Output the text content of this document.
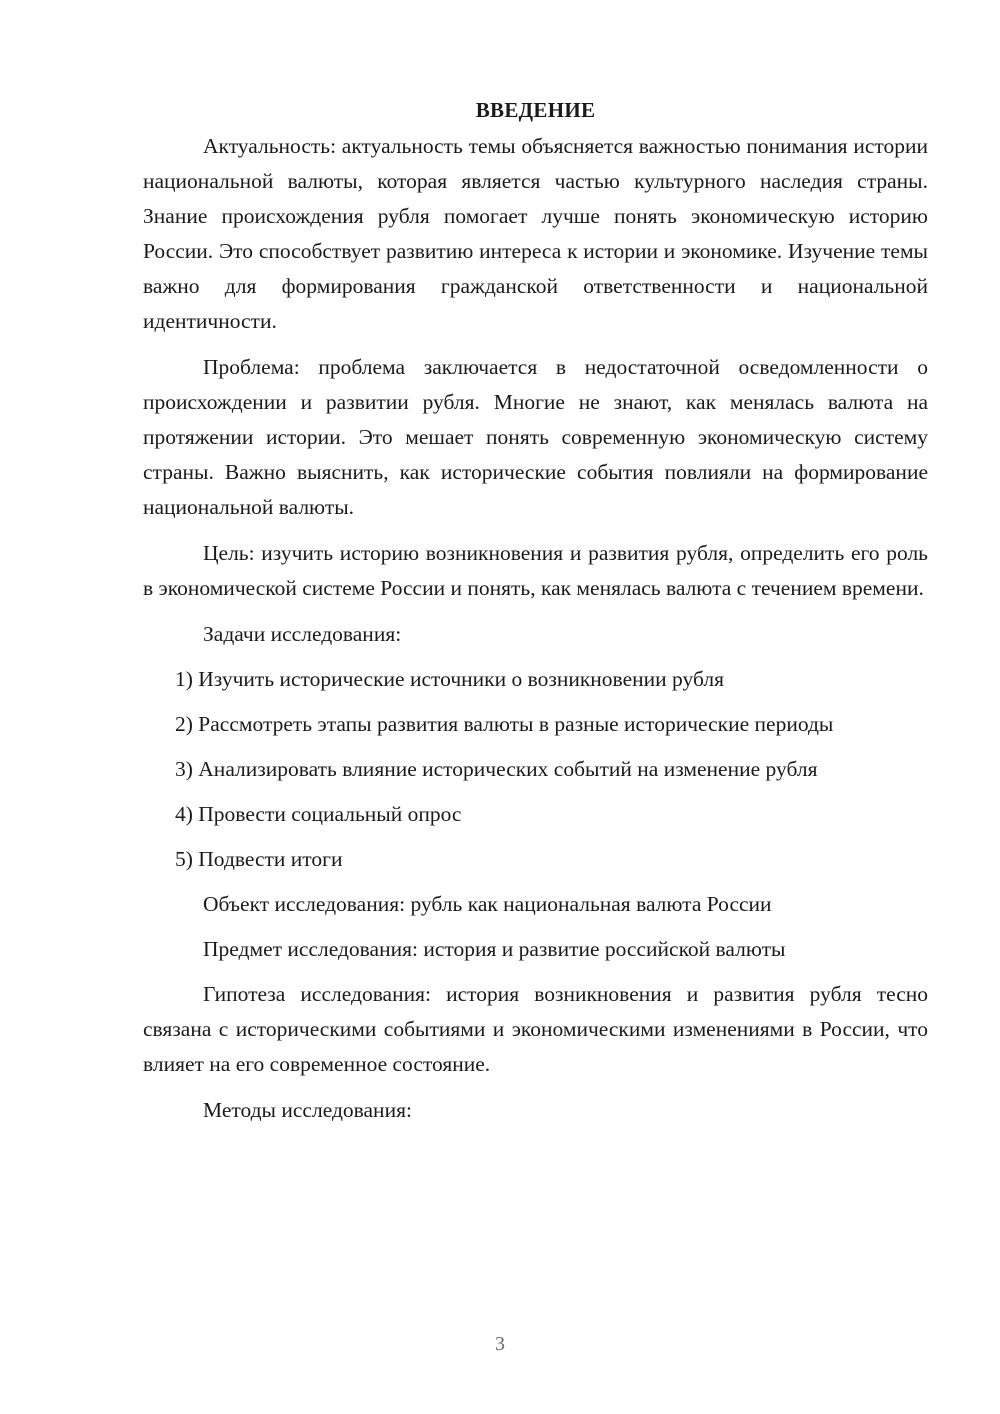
ВВЕДЕНИЕ

Актуальность: актуальность темы объясняется важностью понимания истории национальной валюты, которая является частью культурного наследия страны. Знание происхождения рубля помогает лучше понять экономическую историю России. Это способствует развитию интереса к истории и экономике. Изучение темы важно для формирования гражданской ответственности и национальной идентичности.

Проблема: проблема заключается в недостаточной осведомленности о происхождении и развитии рубля. Многие не знают, как менялась валюта на протяжении истории. Это мешает понять современную экономическую систему страны. Важно выяснить, как исторические события повлияли на формирование национальной валюты.

Цель: изучить историю возникновения и развития рубля, определить его роль в экономической системе России и понять, как менялась валюта с течением времени.

Задачи исследования:

1) Изучить исторические источники о возникновении рубля

2) Рассмотреть этапы развития валюты в разные исторические периоды

3) Анализировать влияние исторических событий на изменение рубля

4) Провести социальный опрос

5) Подвести итоги

Объект исследования: рубль как национальная валюта России

Предмет исследования: история и развитие российской валюты

Гипотеза исследования: история возникновения и развития рубля тесно связана с историческими событиями и экономическими изменениями в России, что влияет на его современное состояние.

Методы исследования:

3
